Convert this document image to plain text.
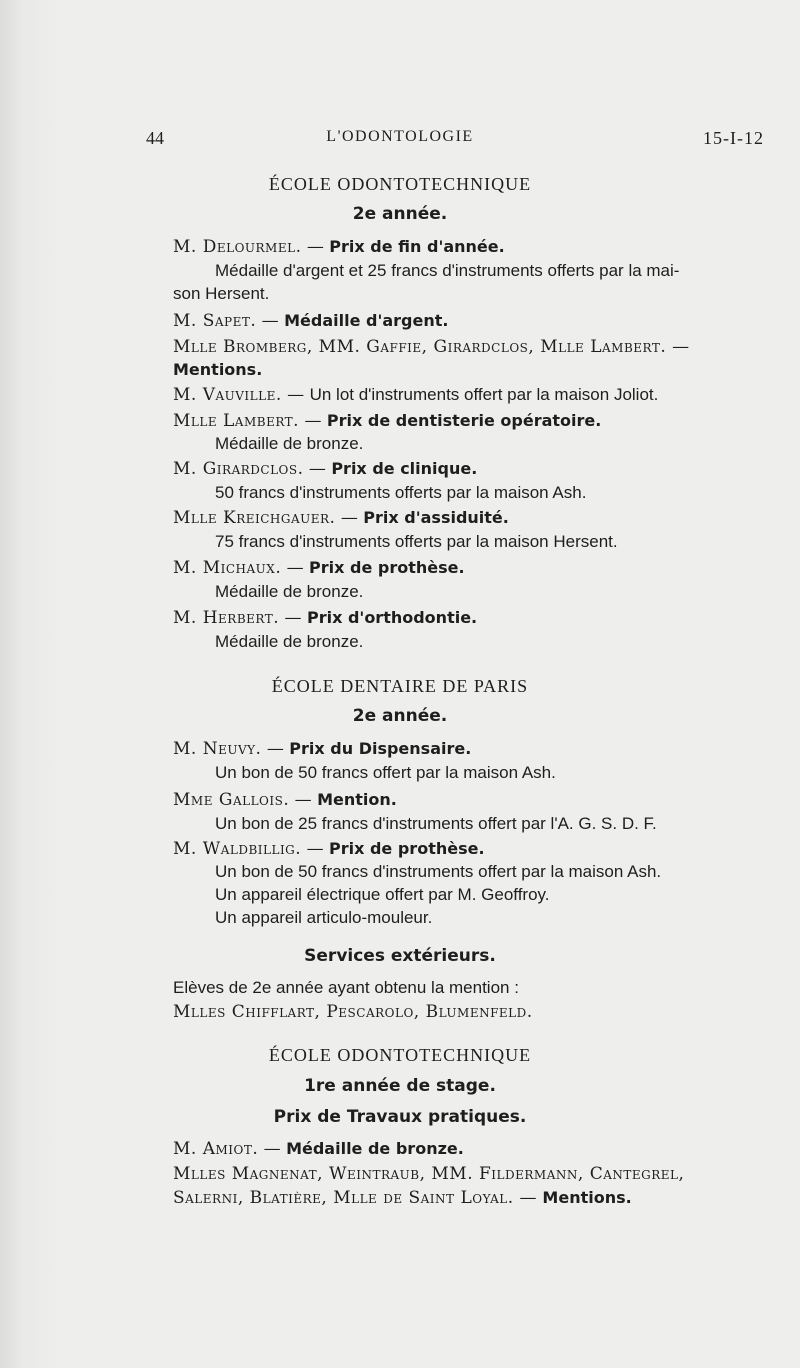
44	L'ODONTOLOGIE	15-I-12
ÉCOLE ODONTOTECHNIQUE
2e année.
M. Delourmel. — Prix de fin d'année.
Médaille d'argent et 25 francs d'instruments offerts par la mai-
son Hersent.
M. Sapet. — Médaille d'argent.
Mlle Bromberg, MM. Gaffie, Girardclos, Mlle Lambert. —
Mentions.
M. Vauville. — Un lot d'instruments offert par la maison Joliot.
Mlle Lambert. — Prix de dentisterie opératoire.
Médaille de bronze.
M. Girardclos. — Prix de clinique.
50 francs d'instruments offerts par la maison Ash.
Mlle Kreichgauer. — Prix d'assiduité.
75 francs d'instruments offerts par la maison Hersent.
M. Michaux. — Prix de prothèse.
Médaille de bronze.
M. Herbert. — Prix d'orthodontie.
Médaille de bronze.
ÉCOLE DENTAIRE DE PARIS
2e année.
M. Neuvy. — Prix du Dispensaire.
Un bon de 50 francs offert par la maison Ash.
Mme Gallois. — Mention.
Un bon de 25 francs d'instruments offert par l'A. G. S. D. F.
M. Waldbillig. — Prix de prothèse.
Un bon de 50 francs d'instruments offert par la maison Ash.
Un appareil électrique offert par M. Geoffroy.
Un appareil articulo-mouleur.
Services extérieurs.
Elèves de 2e année ayant obtenu la mention :
Mlles Chifflart, Pescarolo, Blumenfeld.
ÉCOLE ODONTOTECHNIQUE
1re année de stage.
Prix de Travaux pratiques.
M. Amiot. — Médaille de bronze.
Mlles Magnenat, Weintraub, MM. Fildermann, Cantegrel,
Salerni, Blatière, Mlle de Saint Loyal. — Mentions.
